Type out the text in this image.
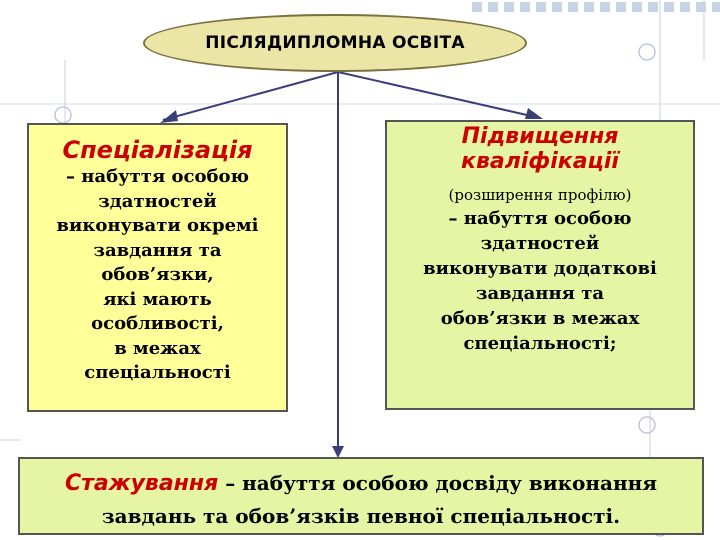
ПІСЛЯДИПЛОМНА ОСВІТА
Спеціалізація
– набуття особою
здатностей
виконувати окремі
завдання та
обов’язки,
які мають
особливості,
в межах
спеціальності
Підвищення
кваліфікації
(розширення профілю)
– набуття особою
здатностей
виконувати додаткові
завдання та
обов’язки в межах
спеціальності;
Стажування – набуття особою досвіду виконання
завдань та обов’язків певної спеціальності.
